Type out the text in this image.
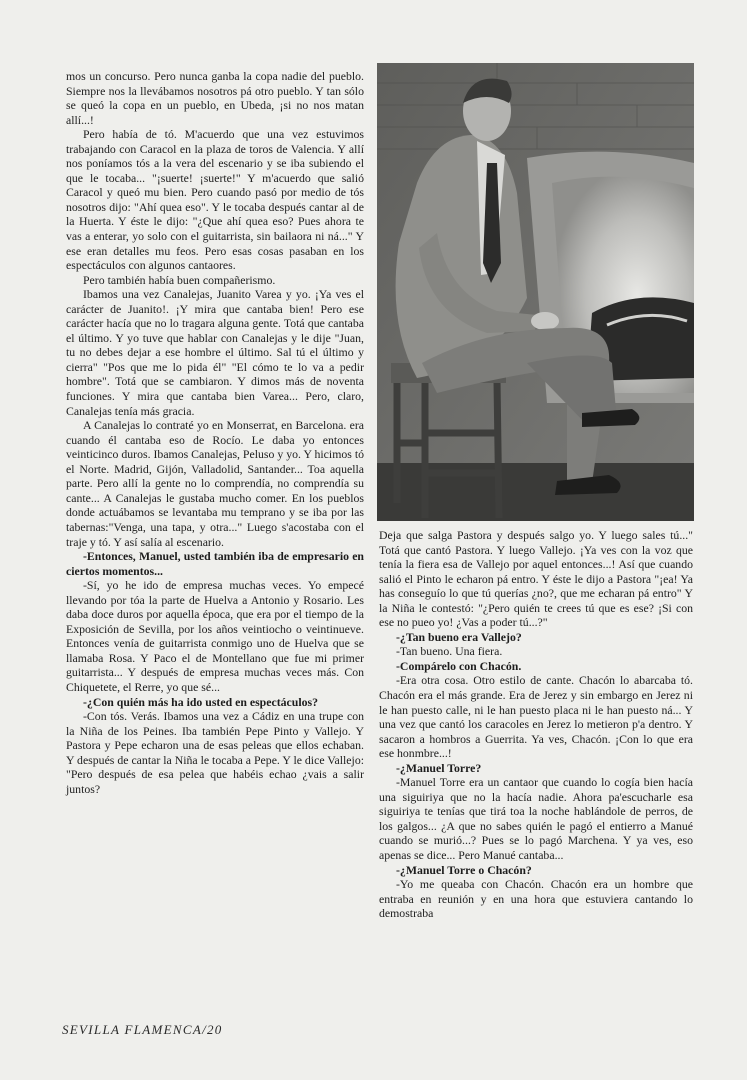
mos un concurso. Pero nunca ganba la copa nadie del pueblo. Siempre nos la llevábamos nosotros pá otro pueblo. Y tan sólo se queó la copa en un pueblo, en Ubeda, ¡si no nos matan allí...!

Pero había de tó. M'acuerdo que una vez estuvimos trabajando con Caracol en la plaza de toros de Valencia. Y allí nos poníamos tós a la vera del escenario y se iba subiendo el que le tocaba... "¡suerte! ¡suerte!" Y m'acuerdo que salió Caracol y queó mu bien. Pero cuando pasó por medio de tós nosotros dijo: "Ahí quea eso". Y le tocaba después cantar al de la Huerta. Y éste le dijo: "¿Que ahí quea eso? Pues ahora te vas a enterar, yo solo con el guitarrista, sin bailaora ni ná..." Y ese eran detalles mu feos. Pero esas cosas pasaban en los espectáculos con algunos cantaores.

Pero también había buen compañerismo.

Ibamos una vez Canalejas, Juanito Varea y yo. ¡Ya ves el carácter de Juanito!. ¡Y mira que cantaba bien! Pero ese carácter hacía que no lo tragara alguna gente. Totá que cantaba el último. Y yo tuve que hablar con Canalejas y le dije "Juan, tu no debes dejar a ese hombre el último. Sal tú el último y cierra" "Pos que me lo pida él" "El cómo te lo va a pedir hombre". Totá que se cambiaron. Y dimos más de noventa funciones. Y mira que cantaba bien Varea... Pero, claro, Canalejas tenía más gracia.

A Canalejas lo contraté yo en Monserrat, en Barcelona. era cuando él cantaba eso de Rocío. Le daba yo entonces veinticinco duros. Ibamos Canalejas, Peluso y yo. Y hicimos tó el Norte. Madrid, Gijón, Valladolid, Santander... Toa aquella parte. Pero allí la gente no lo comprendía, no comprendía su cante... A Canalejas le gustaba mucho comer. En los pueblos donde actuábamos se levantaba mu temprano y se iba por las tabernas:"Venga, una tapa, y otra..." Luego s'acostaba con el traje y tó. Y así salía al escenario.

-Entonces, Manuel, usted también iba de empresario en ciertos momentos...

-Sí, yo he ido de empresa muchas veces. Yo empecé llevando por tóa la parte de Huelva a Antonio y Rosario. Les daba doce duros por aquella época, que era por el tiempo de la Exposición de Sevilla, por los años veintiocho o veintinueve. Entonces venía de guitarrista conmigo uno de Huelva que se llamaba Rosa. Y Paco el de Montellano que fue mi primer guitarrista... Y después de empresa muchas veces más. Con Chiquetete, el Rerre, yo que sé...

-¿Con quién más ha ido usted en espectáculos?

-Con tós. Verás. Ibamos una vez a Cádiz en una trupe con la Niña de los Peines. Iba también Pepe Pinto y Vallejo. Y Pastora y Pepe echaron una de esas peleas que ellos echaban. Y después de cantar la Niña le tocaba a Pepe. Y le dice Vallejo: "Pero después de esa pelea que habéis echao ¿vais a salir juntos?

Deja que salga Pastora y después salgo yo. Y luego sales tú..." Totá que cantó Pastora. Y luego Vallejo. ¡Ya ves con la voz que tenía la fiera esa de Vallejo por aquel entonces...! Así que cuando salió el Pinto le echaron pá entro. Y éste le dijo a Pastora "¡ea! Ya has conseguío lo que tú querías ¿no?, que me echaran pá entro" Y la Niña le contestó: "¿Pero quién te crees tú que es ese? ¡Si con ese no pueo yo! ¿Vas a poder tú...?"

-¿Tan bueno era Vallejo?

-Tan bueno. Una fiera.

-Compárelo con Chacón.

-Era otra cosa. Otro estilo de cante. Chacón lo abarcaba tó. Chacón era el más grande. Era de Jerez y sin embargo en Jerez ni le han puesto calle, ni le han puesto placa ni le han puesto ná... Y una vez que cantó los caracoles en Jerez lo metieron p'a dentro. Y sacaron a hombros a Guerrita. Ya ves, Chacón. ¡Con lo que era ese honmbre...!

-¿Manuel Torre?

-Manuel Torre era un cantaor que cuando lo cogía bien hacía una siguiriya que no la hacía nadie. Ahora pa'escucharle esa siguiriya te tenías que tirá toa la noche hablándole de perros, de los galgos... ¿A que no sabes quién le pagó el entierro a Manué cuando se murió...? Pues se lo pagó Marchena. Y ya ves, eso apenas se dice... Pero Manué cantaba...

-¿Manuel Torre o Chacón?

-Yo me queaba con Chacón. Chacón era un hombre que entraba en reunión y en una hora que estuviera cantando lo demostraba

SEVILLA FLAMENCA/20
